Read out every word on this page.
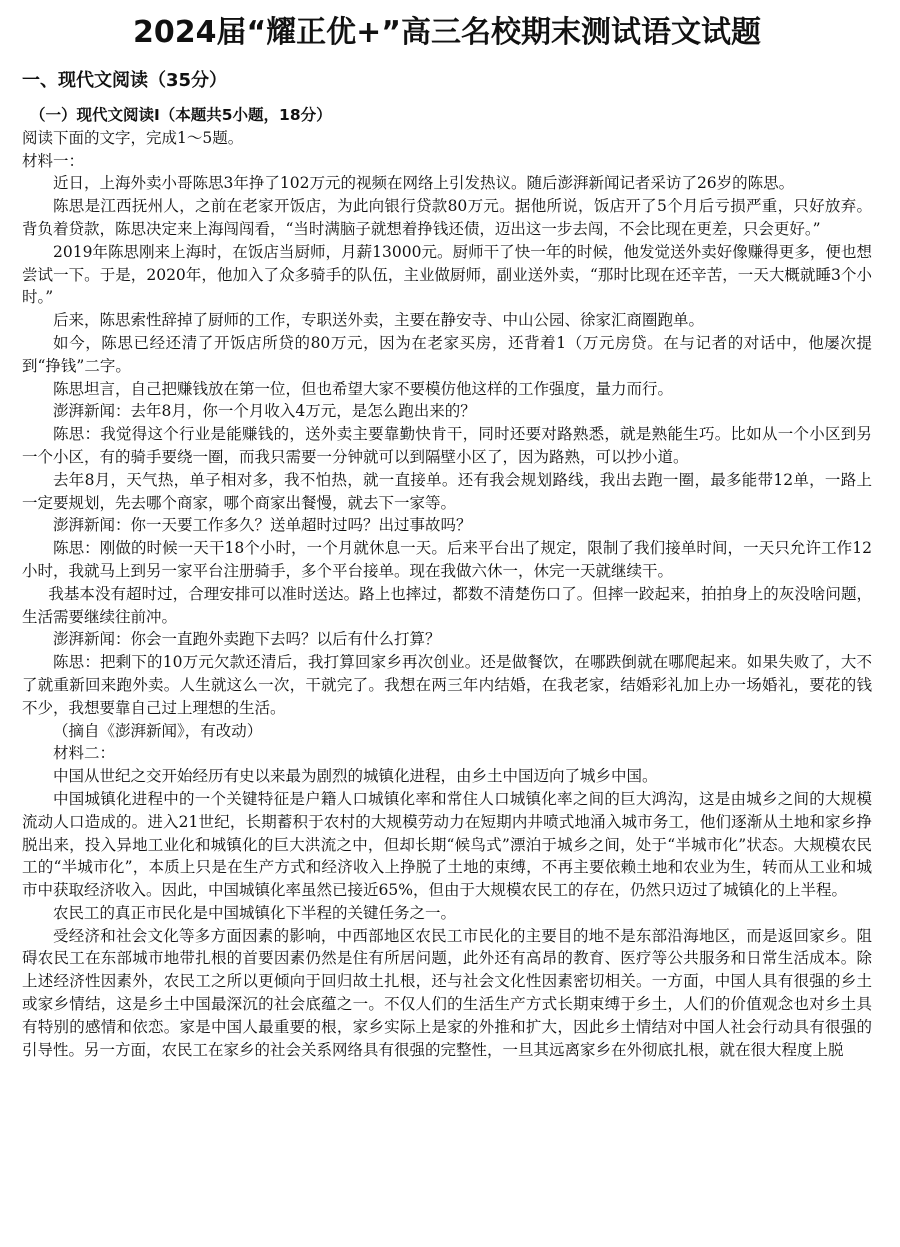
2024届“耀正优+”高三名校期末测试语文试题
一、现代文阅读（35分）

（一）现代文阅读Ⅰ（本题共5小题，18分）

阅读下面的文字，完成1～5题。

材料一：

近日，上海外卖小哥陈思3年挣了102万元的视频在网络上引发热议。随后澎湃新闻记者采访了26岁的陈思。

陈思是江西抚州人，之前在老家开饭店，为此向银行贷款80万元。据他所说，饭店开了5个月后亏损严重，只好放弃。背负着贷款，陈思决定来上海闯闯看，“当时满脑子就想着挣钱还债，迈出这一步去闯，不会比现在更差，只会更好。”

2019年陈思刚来上海时，在饭店当厨师，月薪13000元。厨师干了快一年的时候，他发觉送外卖好像赚得更多，便也想尝试一下。于是，2020年，他加入了众多骑手的队伍，主业做厨师，副业送外卖，“那时比现在还辛苦，一天大概就睡3个小时。”

后来，陈思索性辞掉了厨师的工作，专职送外卖，主要在静安寺、中山公园、徐家汇商圈跑单。

如今，陈思已经还清了开饭店所贷的80万元，因为在老家买房，还背着1（万元房贷。在与记者的对话中，他屡次提到“挣钱”二字。

陈思坦言，自己把赚钱放在第一位，但也希望大家不要模仿他这样的工作强度，量力而行。

澎湃新闻：去年8月，你一个月收入4万元，是怎么跑出来的？

陈思：我觉得这个行业是能赚钱的，送外卖主要靠勤快肯干，同时还要对路熟悉，就是熟能生巧。比如从一个小区到另一个小区，有的骑手要绕一圈，而我只需要一分钟就可以到隔壁小区了，因为路熟，可以抄小道。

去年8月，天气热，单子相对多，我不怕热，就一直接单。还有我会规划路线，我出去跑一圈，最多能带12单，一路上一定要规划，先去哪个商家，哪个商家出餐慢，就去下一家等。

澎湃新闻：你一天要工作多久？送单超时过吗？出过事故吗？

陈思：刚做的时候一天干18个小时，一个月就休息一天。后来平台出了规定，限制了我们接单时间，一天只允许工作12小时，我就马上到另一家平台注册骑手，多个平台接单。现在我做六休一，休完一天就继续干。

我基本没有超时过，合理安排可以准时送达。路上也摔过，都数不清楚伤口了。但摔一跤起来，拍拍身上的灰没啥问题，生活需要继续往前冲。

澎湃新闻：你会一直跑外卖跑下去吗？以后有什么打算？

陈思：把剩下的10万元欠款还清后，我打算回家乡再次创业。还是做餐饮，在哪跌倒就在哪爬起来。如果失败了，大不了就重新回来跑外卖。人生就这么一次，干就完了。我想在两三年内结婚，在我老家，结婚彩礼加上办一场婚礼，要花的钱不少，我想要靠自己过上理想的生活。

（摘自《澎湃新闻》，有改动）

材料二：

中国从世纪之交开始经历有史以来最为剧烈的城镇化进程，由乡土中国迈向了城乡中国。

中国城镇化进程中的一个关键特征是户籍人口城镇化率和常住人口城镇化率之间的巨大鸿沟，这是由城乡之间的大规模流动人口造成的。进入21世纪，长期蓄积于农村的大规模劳动力在短期内井喷式地涌入城市务工，他们逐渐从土地和家乡挣脱出来，投入异地工业化和城镇化的巨大洪流之中，但却长期“候鸟式”漂泊于城乡之间，处于“半城市化”状态。大规模农民工的“半城市化”，本质上只是在生产方式和经济收入上挣脱了土地的束缚，不再主要依赖土地和农业为生，转而从工业和城市中获取经济收入。因此，中国城镇化率虽然已接近65%，但由于大规模农民工的存在，仍然只迈过了城镇化的上半程。

农民工的真正市民化是中国城镇化下半程的关键任务之一。

受经济和社会文化等多方面因素的影响，中西部地区农民工市民化的主要目的地不是东部沿海地区，而是返回家乡。阻碍农民工在东部城市地带扎根的首要因素仍然是住有所居问题，此外还有高昂的教育、医疗等公共服务和日常生活成本。除上述经济性因素外，农民工之所以更倾向于回归故土扎根，还与社会文化性因素密切相关。一方面，中国人具有很强的乡土或家乡情结，这是乡土中国最深沉的社会底蕴之一。不仅人们的生活生产方式长期束缚于乡土，人们的价值观念也对乡土具有特别的感情和依恋。家是中国人最重要的根，家乡实际上是家的外推和扩大，因此乡土情结对中国人社会行动具有很强的引导性。另一方面，农民工在家乡的社会关系网络具有很强的完整性，一旦其远离家乡在外彻底扎根，就在很大程度上脱
